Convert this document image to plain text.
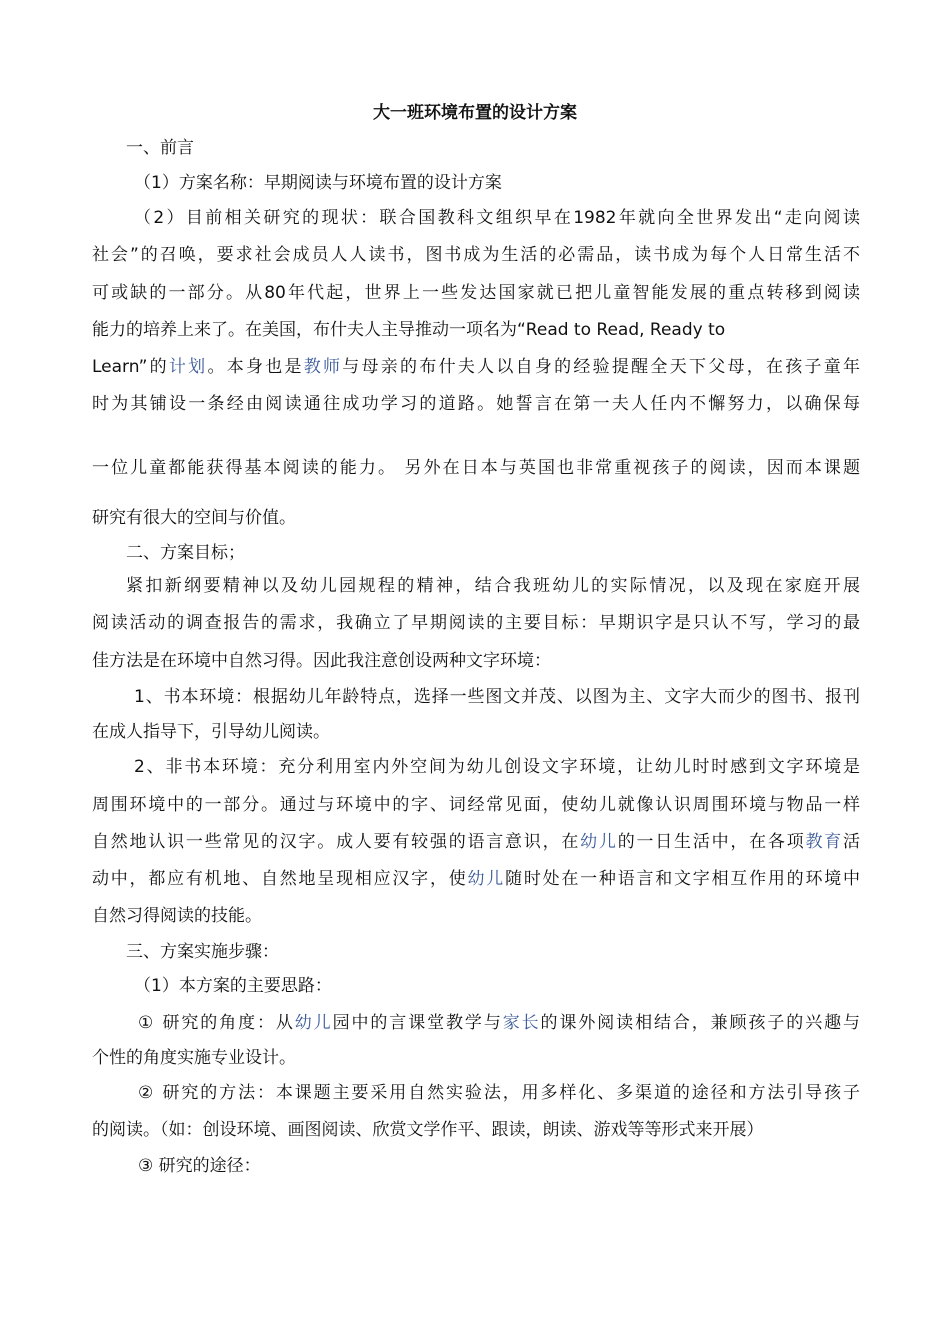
大一班环境布置的设计方案
一、前言
（1）方案名称：早期阅读与环境布置的设计方案
（2）目前相关研究的现状：联合国教科文组织早在1982年就向全世界发出“走向阅读
社会”的召唤，要求社会成员人人读书，图书成为生活的必需品，读书成为每个人日常生活不
可或缺的一部分。从80年代起，世界上一些发达国家就已把儿童智能发展的重点转移到阅读
能力的培养上来了。在美国，布什夫人主导推动一项名为“Read to Read, Ready to
Learn”的计划。本身也是教师与母亲的布什夫人以自身的经验提醒全天下父母，在孩子童年
时为其铺设一条经由阅读通往成功学习的道路。她誓言在第一夫人任内不懈努力，以确保每
一位儿童都能获得基本阅读的能力。 另外在日本与英国也非常重视孩子的阅读，因而本课题
研究有很大的空间与价值。
二、方案目标；
紧扣新纲要精神以及幼儿园规程的精神，结合我班幼儿的实际情况，以及现在家庭开展
阅读活动的调查报告的需求，我确立了早期阅读的主要目标：早期识字是只认不写，学习的最
佳方法是在环境中自然习得。因此我注意创设两种文字环境：
1、书本环境：根据幼儿年龄特点，选择一些图文并茂、以图为主、文字大而少的图书、报刊
在成人指导下，引导幼儿阅读。
2、非书本环境：充分利用室内外空间为幼儿创设文字环境，让幼儿时时感到文字环境是
周围环境中的一部分。通过与环境中的字、词经常见面，使幼儿就像认识周围环境与物品一样
自然地认识一些常见的汉字。成人要有较强的语言意识，在幼儿的一日生活中，在各项教育活
动中，都应有机地、自然地呈现相应汉字，使幼儿随时处在一种语言和文字相互作用的环境中
自然习得阅读的技能。
三、方案实施步骤：
（1）本方案的主要思路：
① 研究的角度：从幼儿园中的言课堂教学与家长的课外阅读相结合，兼顾孩子的兴趣与
个性的角度实施专业设计。
② 研究的方法：本课题主要采用自然实验法，用多样化、多渠道的途径和方法引导孩子
的阅读。（如：创设环境、画图阅读、欣赏文学作平、跟读，朗读、游戏等等形式来开展）
③ 研究的途径：
